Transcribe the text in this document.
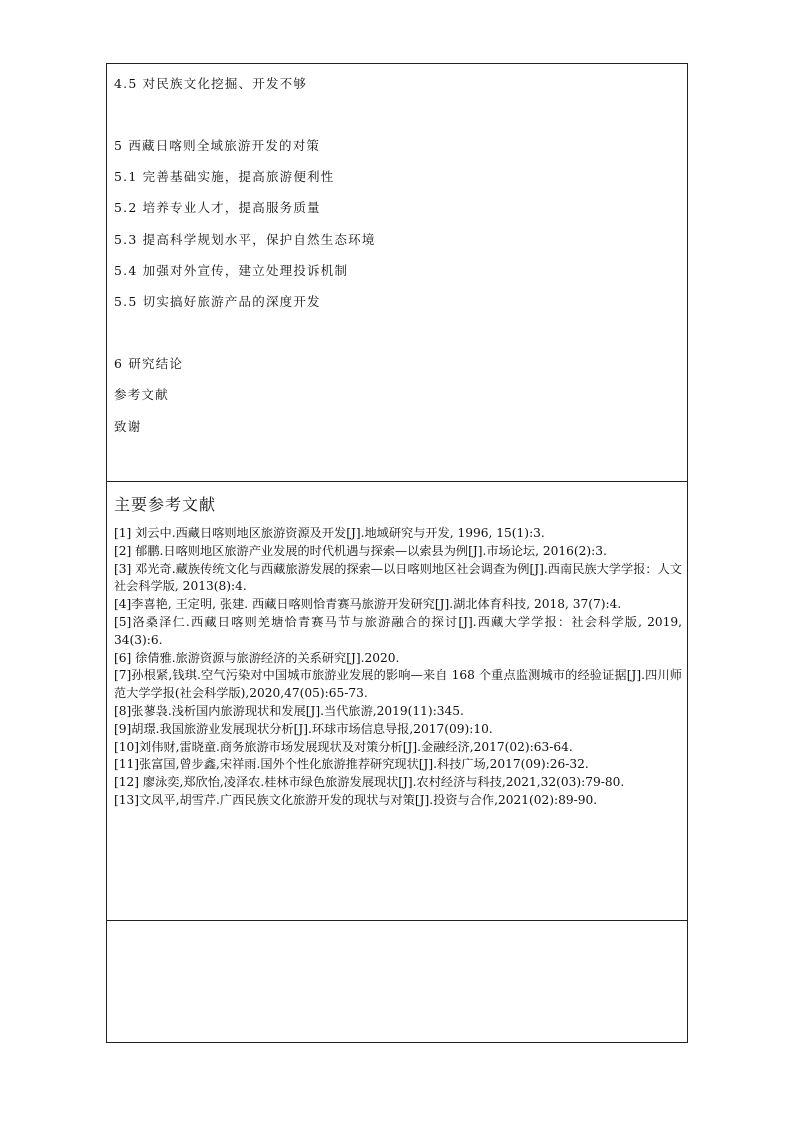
4.5 对民族文化挖掘、开发不够
5 西藏日喀则全域旅游开发的对策
5.1 完善基础实施，提高旅游便利性
5.2 培养专业人才，提高服务质量
5.3 提高科学规划水平，保护自然生态环境
5.4 加强对外宣传，建立处理投诉机制
5.5 切实搞好旅游产品的深度开发
6 研究结论
参考文献
致谢
主要参考文献

[1] 刘云中.西藏日喀则地区旅游资源及开发[J].地域研究与开发, 1996, 15(1):3.

[2] 郁鹏.日喀则地区旅游产业发展的时代机遇与探索—以索县为例[J].市场论坛, 2016(2):3.

[3] 邓光奇.藏族传统文化与西藏旅游发展的探索—以日喀则地区社会调查为例[J].西南民族大学学报：人文社会科学版, 2013(8):4.

[4]李喜艳, 王定明, 张建. 西藏日喀则恰青赛马旅游开发研究[J].湖北体育科技, 2018, 37(7):4.

[5]洛桑泽仁.西藏日喀则羌塘恰青赛马节与旅游融合的探讨[J].西藏大学学报：社会科学版, 2019, 34(3):6.

[6] 徐倩雅.旅游资源与旅游经济的关系研究[J].2020.

[7]孙根紧,钱琪.空气污染对中国城市旅游业发展的影响—来自 168 个重点监测城市的经验证据[J].四川师范大学学报(社会科学版),2020,47(05):65-73.

[8]张蓼袅.浅析国内旅游现状和发展[J].当代旅游,2019(11):345.

[9]胡璟.我国旅游业发展现状分析[J].环球市场信息导报,2017(09):10.

[10]刘伟财,雷晓童.商务旅游市场发展现状及对策分析[J].金融经济,2017(02):63-64.

[11]张富国,曾步鑫,宋祥雨.国外个性化旅游推荐研究现状[J].科技广场,2017(09):26-32.

[12] 廖泳奕,郑欣怡,凌泽农.桂林市绿色旅游发展现状[J].农村经济与科技,2021,32(03):79-80.

[13]文凤平,胡雪芹.广西民族文化旅游开发的现状与对策[J].投资与合作,2021(02):89-90.
